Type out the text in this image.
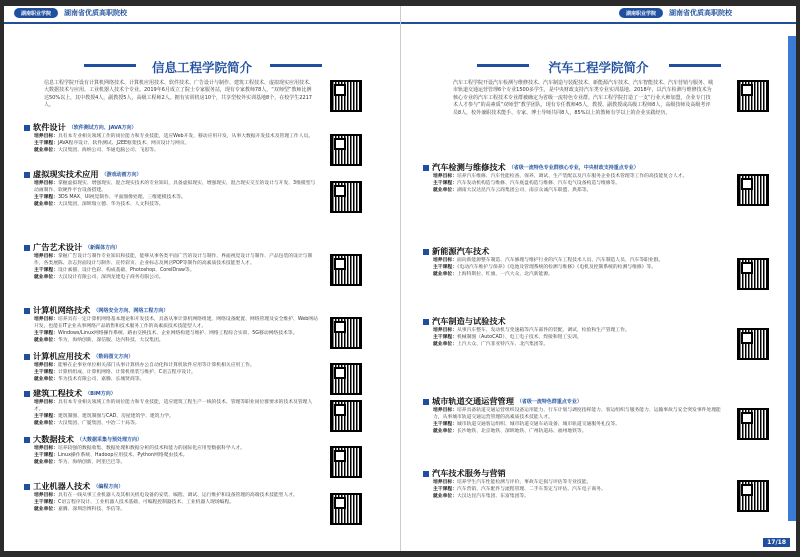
湖南职业学院	湖南省优质高职院校
信息工程学院简介
信息工程学院开设有计算机网络技术、计算机应用技术、软件技术、广告设计与制作、建筑工程技术、虚拟现实应用技术、大数据技术与应用、工业机器人技术个专业。2019年6月成立了院士专家服务站，现有专家教师78人，“双师型”教师比例达50%以上，其中教授4人，副教授5人，高级工程师2人。拥有实训机房10个，共享型校外实训基地8个，在校学生2217人。
软件设计 （软件测试方向、JAVA方向）

培养目标：具有本专业相关领域工作的岗位能力和专业技能，适应Web开发、移动应用开发，从事大数据开发技术及管理工作人员。

主干课程：JAVA程序设计、软件测试、J2EE框架技术、网页设计与网页。

就业单位：大汉集团、海纳公司、华通电脑公司、飞思等。

虚拟现实技术应用 （游戏动画方向）

培养目标：掌握虚拟现实、增强现实、混合现实技术的专业知识，具备虚拟现实、增强现实、混合现实交互的设计与开发、3维模型与动画制作、软硬件平台设备搭建。

主干课程：3DS MAX、UI视觉制作、平面图像处理、三维建模技术等。

就业单位：大汉集团、深圳瑞立德、华为技术、人文科技等。

广告艺术设计 （新媒体方向）

培养目标：掌握广告设计与制作专业知识和技能，能够从事各类平面广告的设计与制作、界面视觉设计与制作、产品包装的设计与制作，各类展陈、杂志封面设计与制作、宣传彩页、企业标志及网店POP等制作的高素质技术技能型人才。

主干课程：设计素描、设计色彩、构成基础、Photoshop、CorelDraw等。

就业单位：大汉设计有限公司、深圳龙建电子商务有限公司。

计算机网络技术 （网络安全方向、网络工程方向）

培养目标：培养具有一定计算机网络基本理论和开发技术，具备从事计算机网络组建、网络设备配置、网络管理及安全维护、Web网站开发，也能在IT企业从事网络产品销售和技术服务工作的高素质技术技能型人才。

主干课程：Windows/Linux网络操作系统、路由交换技术、企业网络构建与维护、网络工程综合实训、5G移动网络技术等。

就业单位：华为、海纳创新、深信服、达内科技、大汉集团。

计算机应用技术 （数码图文方向）

培养目标：能够在企事业单位相关部门从事计算机办公自动化和计算机软件应用等计算机相关应用工作。

主干课程：计算机组成、计算机网络、计算机组装与维护、C语言程序设计。

就业单位：华为技术有限公司、嘉腾、长城贤商等。

建筑工程技术 （BIM方向）

培养目标：具有本专业相关领域工作的岗位能力和专业技能，适应建筑工程生产一线的技术、管理等职业岗位群要求的技术及管理人才。

主干课程：建筑制图、建筑制图与CAD、房屋建筑学、建筑力学。

就业单位：大汉集团、广厦集团、中冶二十局等。

大数据技术 （大数据采集与预处理方向）

培养目标：培养较强的数据收集、数据处理和数据分析的技术和能力的国际化应用型数据科学人才。

主干课程：Linux操作系统、Hadoop应用技术、Python网络爬虫技术。

就业单位：华为、海纳创新、阿里巴巴等。

工业机器人技术 （编程方向）

培养目标：具有在一线从事工业机器人及其相关机电设备的安装、编程、调试、运行维护和设备管理的高端技术技能型人才。

主干课程：C语言程序设计、工业机器人技术基础、可编程控制器技术、工业机器人现场编程。

就业单位：嘉腾、深圳浩博科技、华信等。

湖南职业学院	湖南省优质高职院校
汽车工程学院简介
汽车工程学院开设汽车检测与维修技术、汽车制造与装配技术、新能源汽车技术、汽车智能技术、汽车营销与服务、城市轨道交通运营管理6个专业1500多学生，是中央财政支持汽车类专业实训基地。2018年，以汽车检测与维修技术为核心专业的汽车工程技术专业群被确定为省级一流特色专业群。汽车工程学院打造了一支“行业大师加盟，企业专门技术人才参与”的高素质“双师型”教学团队，现有专任教师45人，教授、副教授或高级工程师8人，高级技师及高级考评员8人，校外兼职技术能手、专家、博士导师共同8人，85%以上的教师有学以上的企业实践经历。
汽车检测与维修技术 （省级一流特色专业群核心专业，中央财政支持重点专业）

培养目标：培养汽车维修、汽车性能检查、保养、调试、生产装配以及汽车服务企业技术管理等工作的高技能复合人才。

主干课程：汽车发动机构造与维修、汽车底盘构造与维修、汽车电气设备构造与维修等。

就业单位：湖南大汉达昆汽车云商集团公司、南京众诚汽车联盟、典郑等。

新能源汽车技术

培养目标：面向新能源整车制造、汽车修理与维护行业的汽车工程技术人员、汽车制造人员、汽车等职业群。

主干课程：《电动汽车维护与保养》《电池及管理系统的检测与维修》《电机及控制系统的检测与维修》等。

就业单位：上海特斯拉、红旗、一汽大众、北汽新能源。

汽车制造与试验技术

培养目标：从事汽车整车、发动机与变速箱等汽车部件的装配、调试、检验和生产管理工作。

主干课程：机械制图（AutoCAD）、电工电子技术、焊接和钳工实训。

就业单位：上汽大众、广汽菲亚特汽车、北汽集团等。

城市轨道交通运营管理 （省级一流特色群重点专业）

培养目标：培养具备轨道交通运营组织设备运用能力、行车计划与调度指挥能力、客运组织与服务能力、运输事故与安全突发事件处理能力，从事城市轨道交通运营管理的高素质技术技能人才。

主干课程：城市轨道交通客运组织、城市轨道交通车站设备、城市轨道交通服务礼仪等。

就业单位：长沙地铁、北京地铁、深圳地铁、广州轨道局、福州地铁等。

汽车技术服务与营销

培养目标：培养学生汽车性能检测与评价、事故车定损与评估等专业技能。

主干课程：汽车营销、汽车配件与流程管理、二手车鉴定与评估、汽车电子商务。

就业单位：大汉达昆汽车集团、东富集团等。

17/18
